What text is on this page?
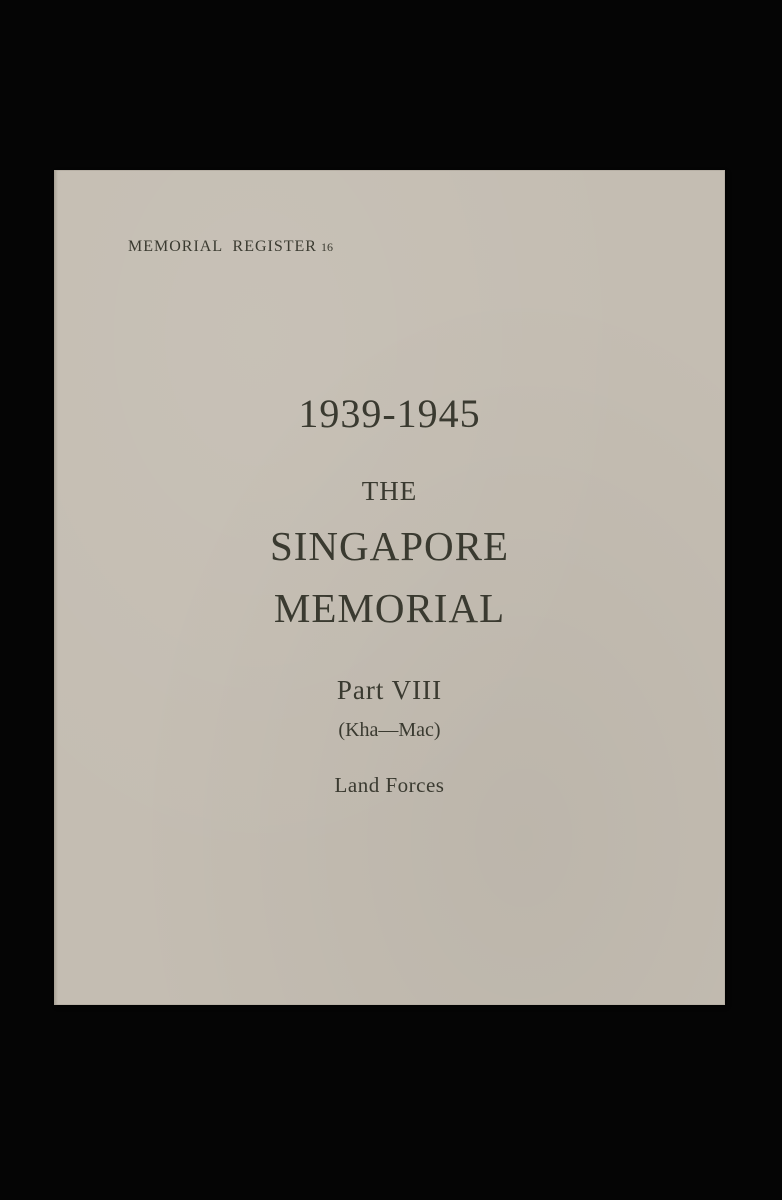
MEMORIAL  REGISTER 16
1939-1945
THE
SINGAPORE
MEMORIAL
Part VIII
(Kha—Mac)
Land Forces
